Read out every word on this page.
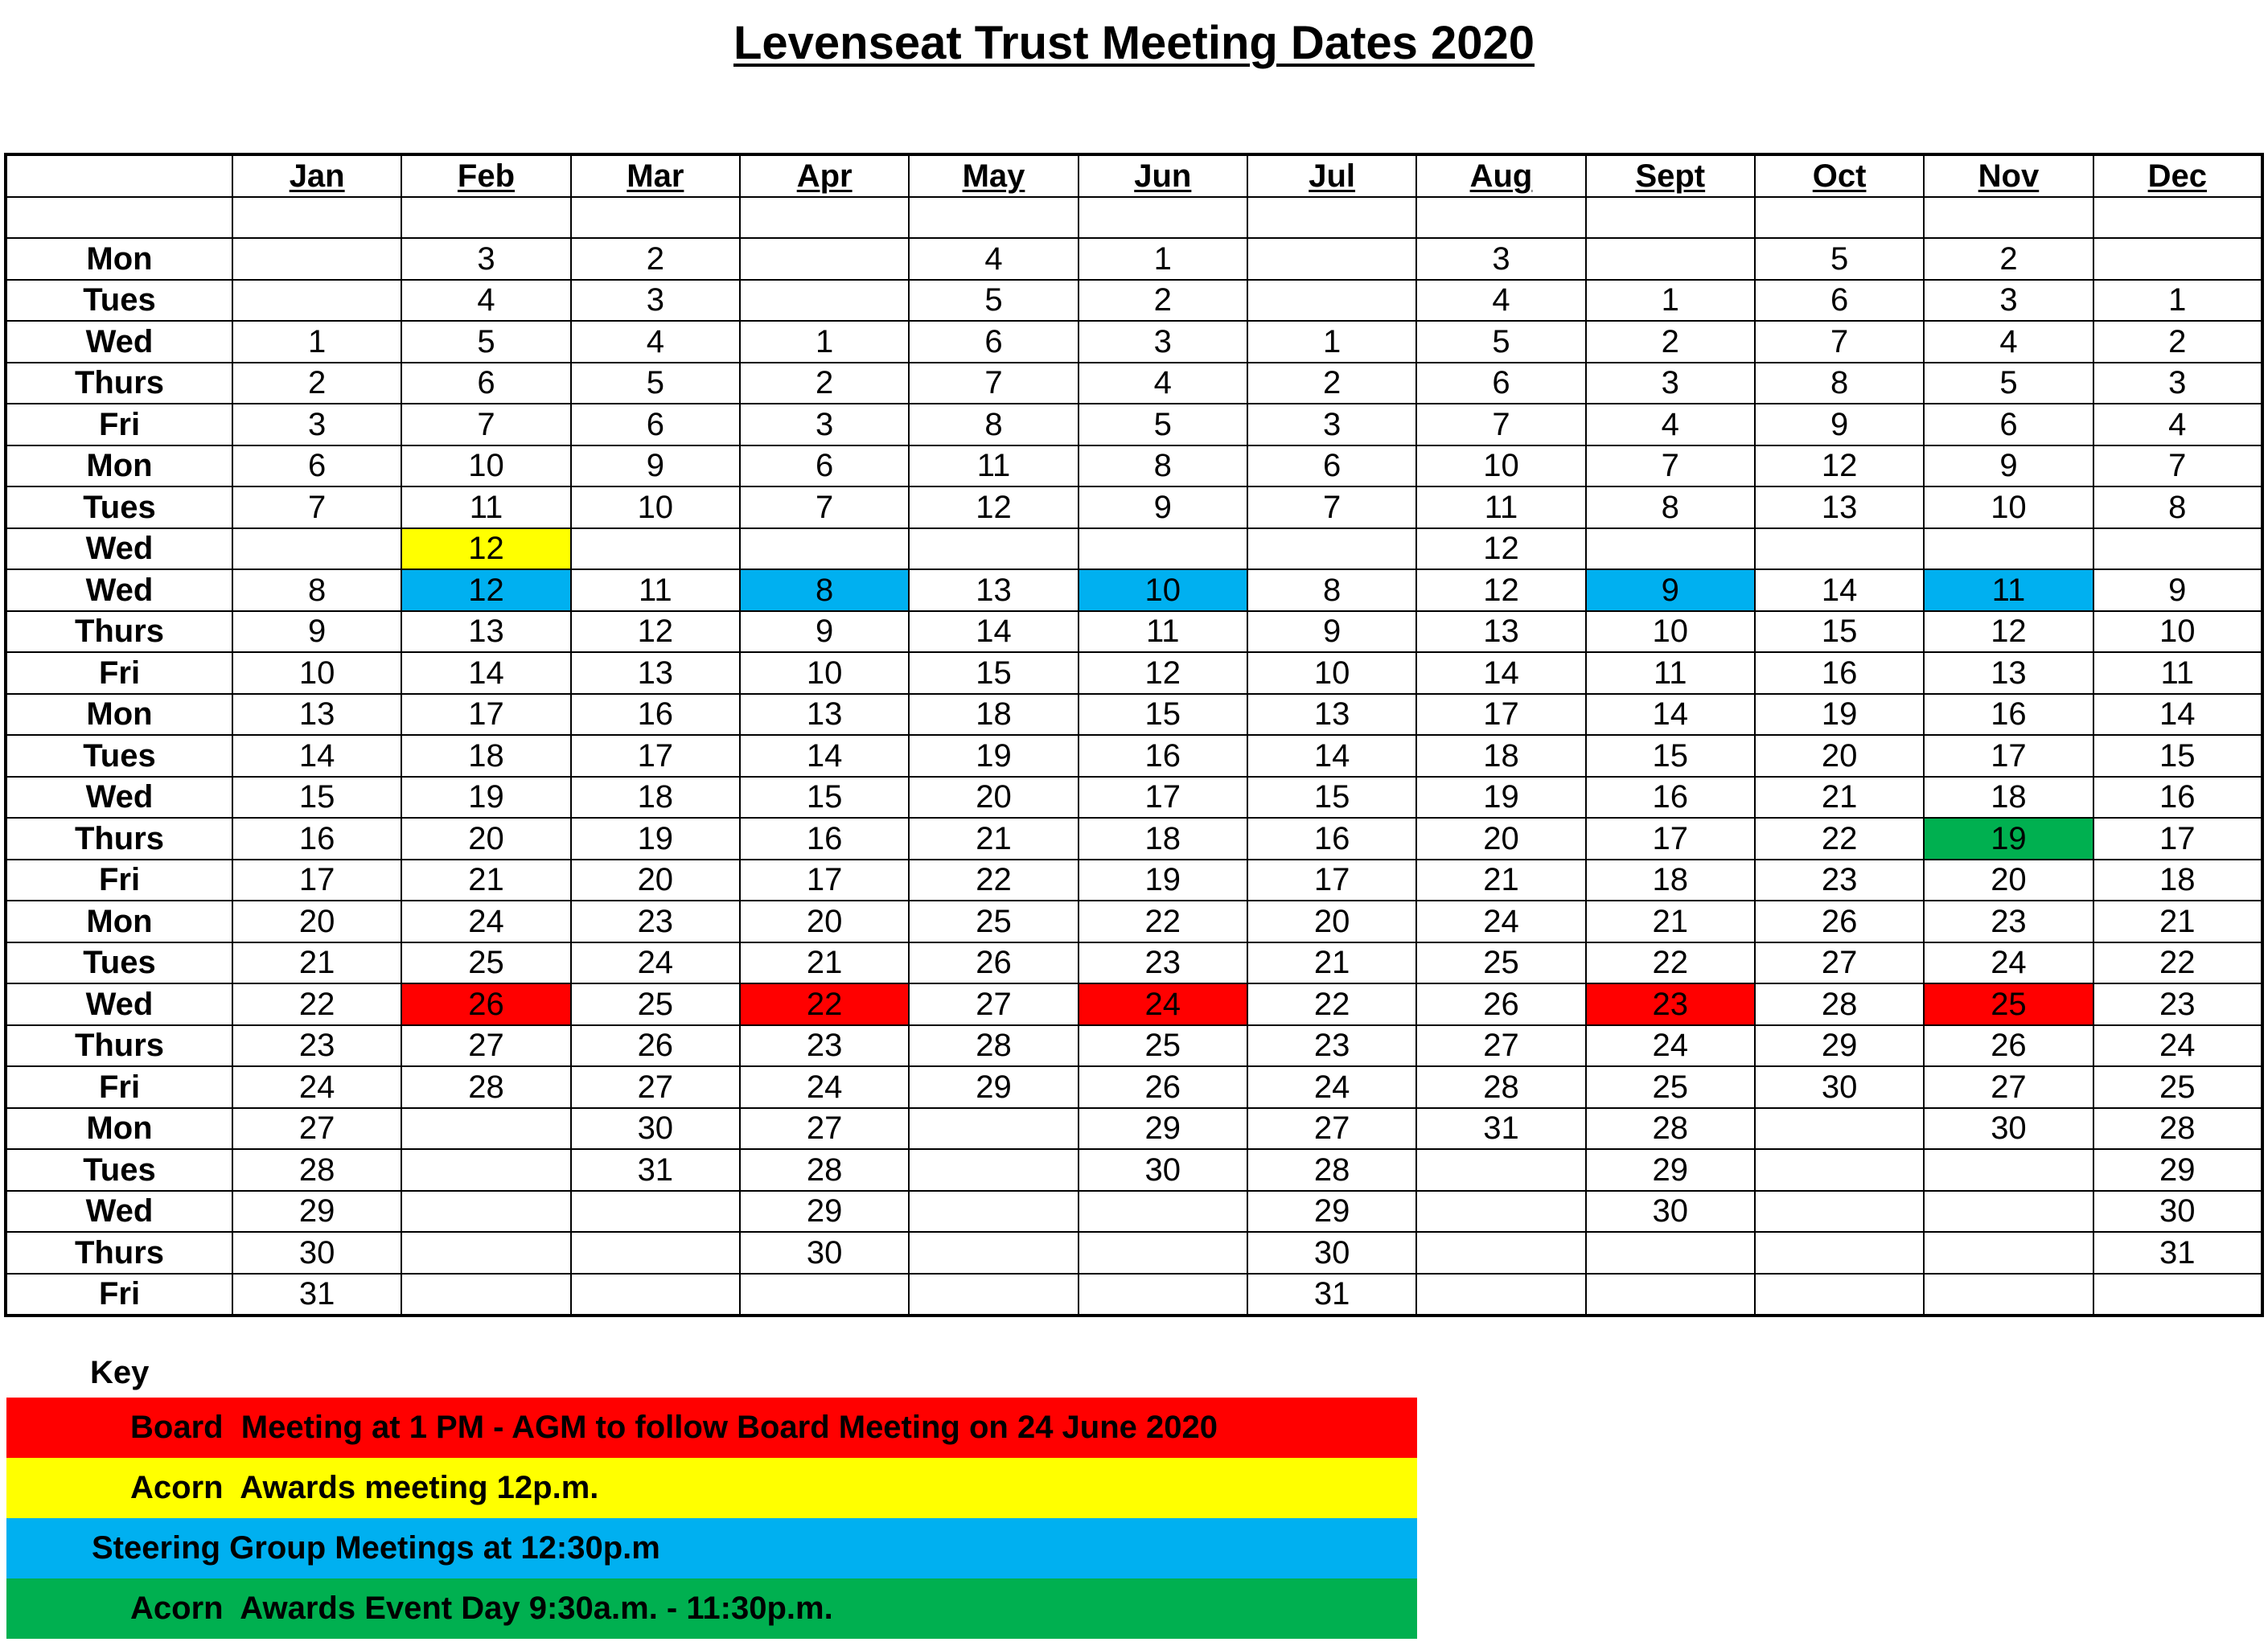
Levenseat Trust Meeting Dates 2020
	Jan	Feb	Mar	Apr	May	Jun	Jul	Aug	Sept	Oct	Nov	Dec

Mon		3	2		4	1		3		5	2	
Tues		4	3		5	2		4	1	6	3	1
Wed	1	5	4	1	6	3	1	5	2	7	4	2
Thurs	2	6	5	2	7	4	2	6	3	8	5	3
Fri	3	7	6	3	8	5	3	7	4	9	6	4
Mon	6	10	9	6	11	8	6	10	7	12	9	7
Tues	7	11	10	7	12	9	7	11	8	13	10	8
Wed		12						12				
Wed	8	12	11	8	13	10	8	12	9	14	11	9
Thurs	9	13	12	9	14	11	9	13	10	15	12	10
Fri	10	14	13	10	15	12	10	14	11	16	13	11
Mon	13	17	16	13	18	15	13	17	14	19	16	14
Tues	14	18	17	14	19	16	14	18	15	20	17	15
Wed	15	19	18	15	20	17	15	19	16	21	18	16
Thurs	16	20	19	16	21	18	16	20	17	22	19	17
Fri	17	21	20	17	22	19	17	21	18	23	20	18
Mon	20	24	23	20	25	22	20	24	21	26	23	21
Tues	21	25	24	21	26	23	21	25	22	27	24	22
Wed	22	26	25	22	27	24	22	26	23	28	25	23
Thurs	23	27	26	23	28	25	23	27	24	29	26	24
Fri	24	28	27	24	29	26	24	28	25	30	27	25
Mon	27		30	27		29	27	31	28		30	28
Tues	28		31	28		30	28		29			29
Wed	29			29			29		30			30
Thurs	30			30			30					31
Fri	31						31					
Key
Board  Meeting at 1 PM - AGM to follow Board Meeting on 24 June 2020
Acorn  Awards meeting 12p.m.
Steering Group Meetings at 12:30p.m
Acorn  Awards Event Day 9:30a.m. - 11:30p.m.
